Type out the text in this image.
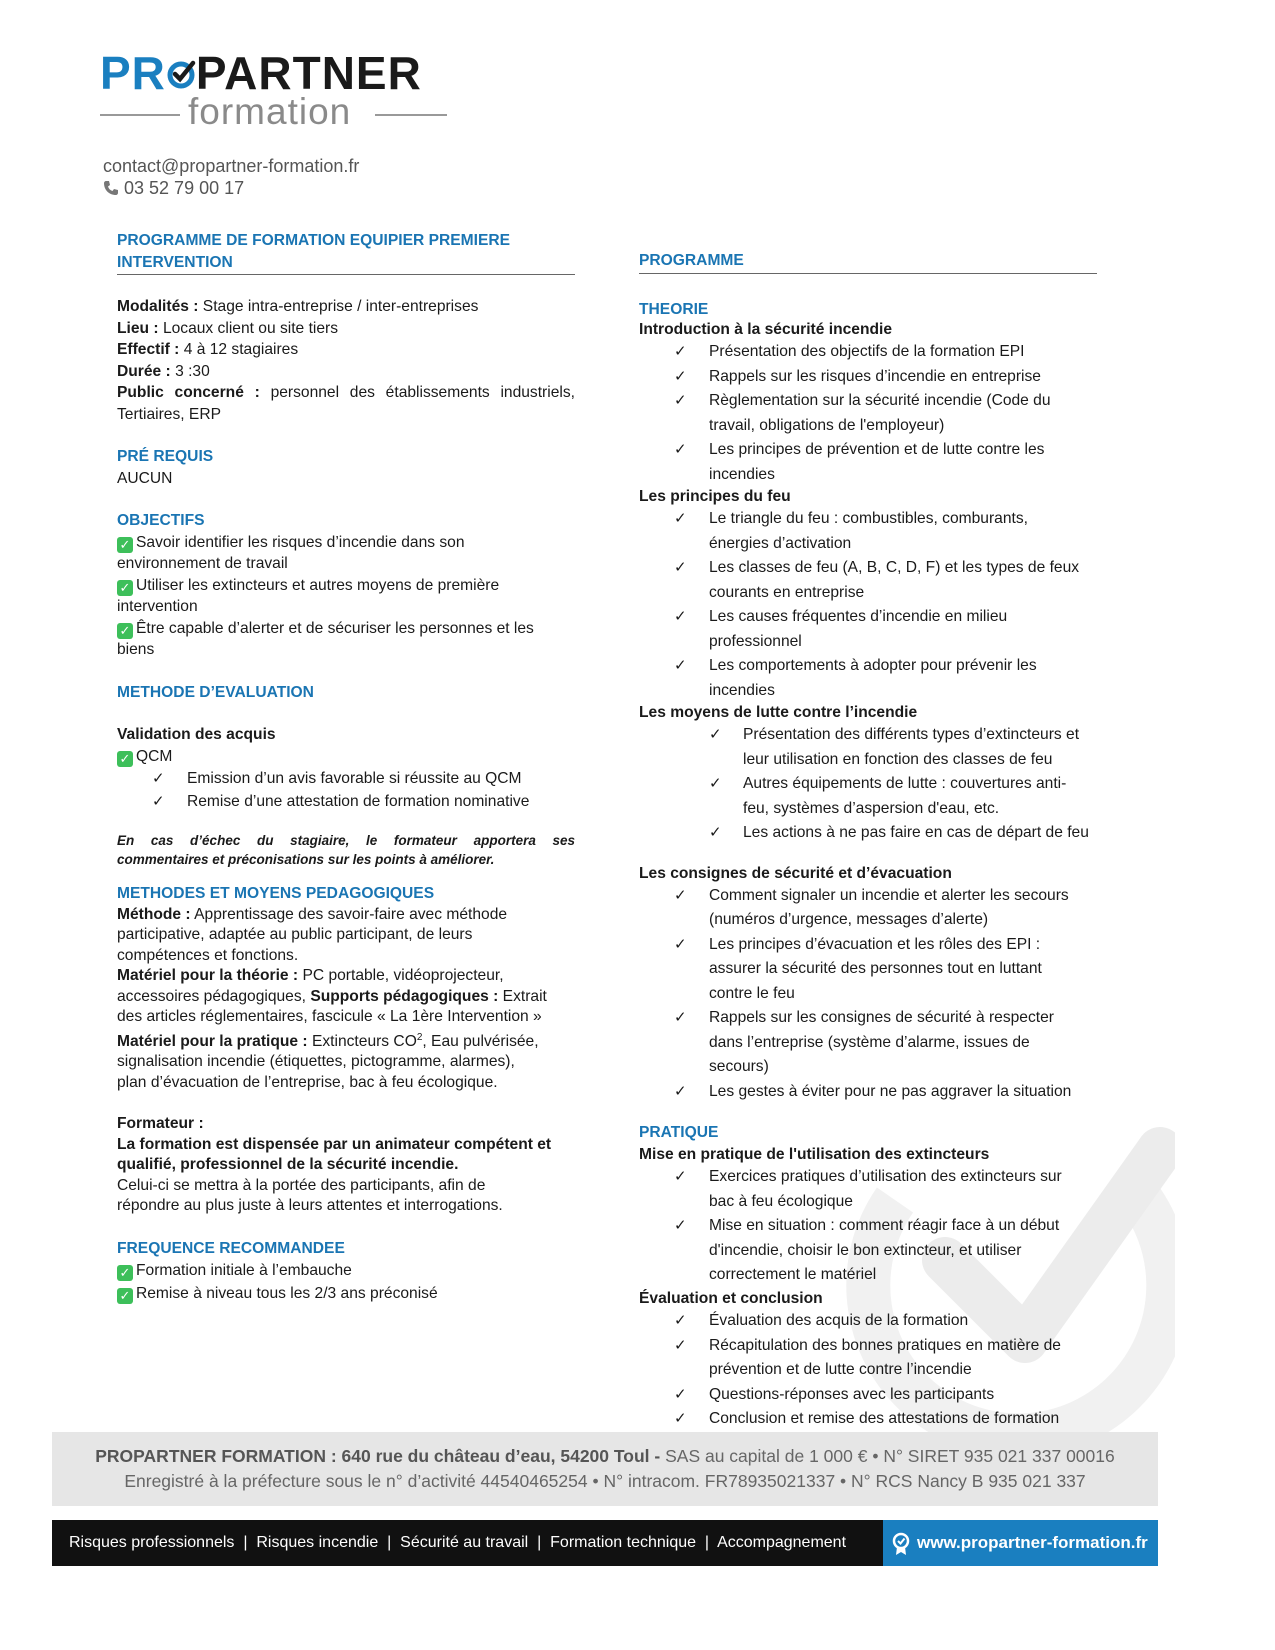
PR PARTNER
formation
contact@propartner-formation.fr
03 52 79 00 17
PROGRAMME DE FORMATION EQUIPIER PREMIERE
INTERVENTION
Modalités : Stage intra-entreprise / inter-entreprises
Lieu : Locaux client ou site tiers
Effectif : 4 à 12 stagiaires
Durée : 3 :30
Public concerné : personnel des établissements industriels,
Tertiaires, ERP
PRÉ REQUIS
AUCUN
OBJECTIFS
✓ Savoir identifier les risques d’incendie dans son
environnement de travail
✓ Utiliser les extincteurs et autres moyens de première
intervention
✓ Être capable d’alerter et de sécuriser les personnes et les
biens
METHODE D’EVALUATION
Validation des acquis
✓ QCM
✓ Emission d’un avis favorable si réussite au QCM
✓ Remise d’une attestation de formation nominative
En cas d’échec du stagiaire, le formateur apportera ses
commentaires et préconisations sur les points à améliorer.
METHODES ET MOYENS PEDAGOGIQUES
Méthode : Apprentissage des savoir-faire avec méthode
participative, adaptée au public participant, de leurs
compétences et fonctions.
Matériel pour la théorie : PC portable, vidéoprojecteur,
accessoires pédagogiques, Supports pédagogiques : Extrait
des articles réglementaires, fascicule « La 1ère Intervention »
Matériel pour la pratique : Extincteurs $CO^2$, Eau pulvérisée,
signalisation incendie (étiquettes, pictogramme, alarmes),
plan d’évacuation de l’entreprise, bac à feu écologique.
Formateur :
La formation est dispensée par un animateur compétent et
qualifié, professionnel de la sécurité incendie.
Celui-ci se mettra à la portée des participants, afin de
répondre au plus juste à leurs attentes et interrogations.
FREQUENCE RECOMMANDEE
✓ Formation initiale à l’embauche
✓ Remise à niveau tous les 2/3 ans préconisé
PROGRAMME
THEORIE
Introduction à la sécurité incendie
✓ Présentation des objectifs de la formation EPI
✓ Rappels sur les risques d’incendie en entreprise
✓ Règlementation sur la sécurité incendie (Code du
travail, obligations de l'employeur)
✓ Les principes de prévention et de lutte contre les
incendies
Les principes du feu
✓ Le triangle du feu : combustibles, comburants,
énergies d’activation
✓ Les classes de feu (A, B, C, D, F) et les types de feux
courants en entreprise
✓ Les causes fréquentes d’incendie en milieu
professionnel
✓ Les comportements à adopter pour prévenir les
incendies
Les moyens de lutte contre l’incendie
✓ Présentation des différents types d’extincteurs et
leur utilisation en fonction des classes de feu
✓ Autres équipements de lutte : couvertures anti-
feu, systèmes d’aspersion d'eau, etc.
✓ Les actions à ne pas faire en cas de départ de feu
Les consignes de sécurité et d’évacuation
✓ Comment signaler un incendie et alerter les secours
(numéros d’urgence, messages d’alerte)
✓ Les principes d’évacuation et les rôles des EPI :
assurer la sécurité des personnes tout en luttant
contre le feu
✓ Rappels sur les consignes de sécurité à respecter
dans l’entreprise (système d’alarme, issues de
secours)
✓ Les gestes à éviter pour ne pas aggraver la situation
PRATIQUE
Mise en pratique de l'utilisation des extincteurs
✓ Exercices pratiques d’utilisation des extincteurs sur
bac à feu écologique
✓ Mise en situation : comment réagir face à un début
d'incendie, choisir le bon extincteur, et utiliser
correctement le matériel
Évaluation et conclusion
✓ Évaluation des acquis de la formation
✓ Récapitulation des bonnes pratiques en matière de
prévention et de lutte contre l’incendie
✓ Questions-réponses avec les participants
✓ Conclusion et remise des attestations de formation
PROPARTNER FORMATION : 640 rue du château d’eau, 54200 Toul - SAS au capital de 1 000 € • N° SIRET 935 021 337 00016
Enregistré à la préfecture sous le n° d’activité 44540465254 • N° intracom. FR78935021337 • N° RCS Nancy B 935 021 337
Risques professionnels  |  Risques incendie  |  Sécurité au travail  |  Formation technique  |  Accompagnement	www.propartner-formation.fr
